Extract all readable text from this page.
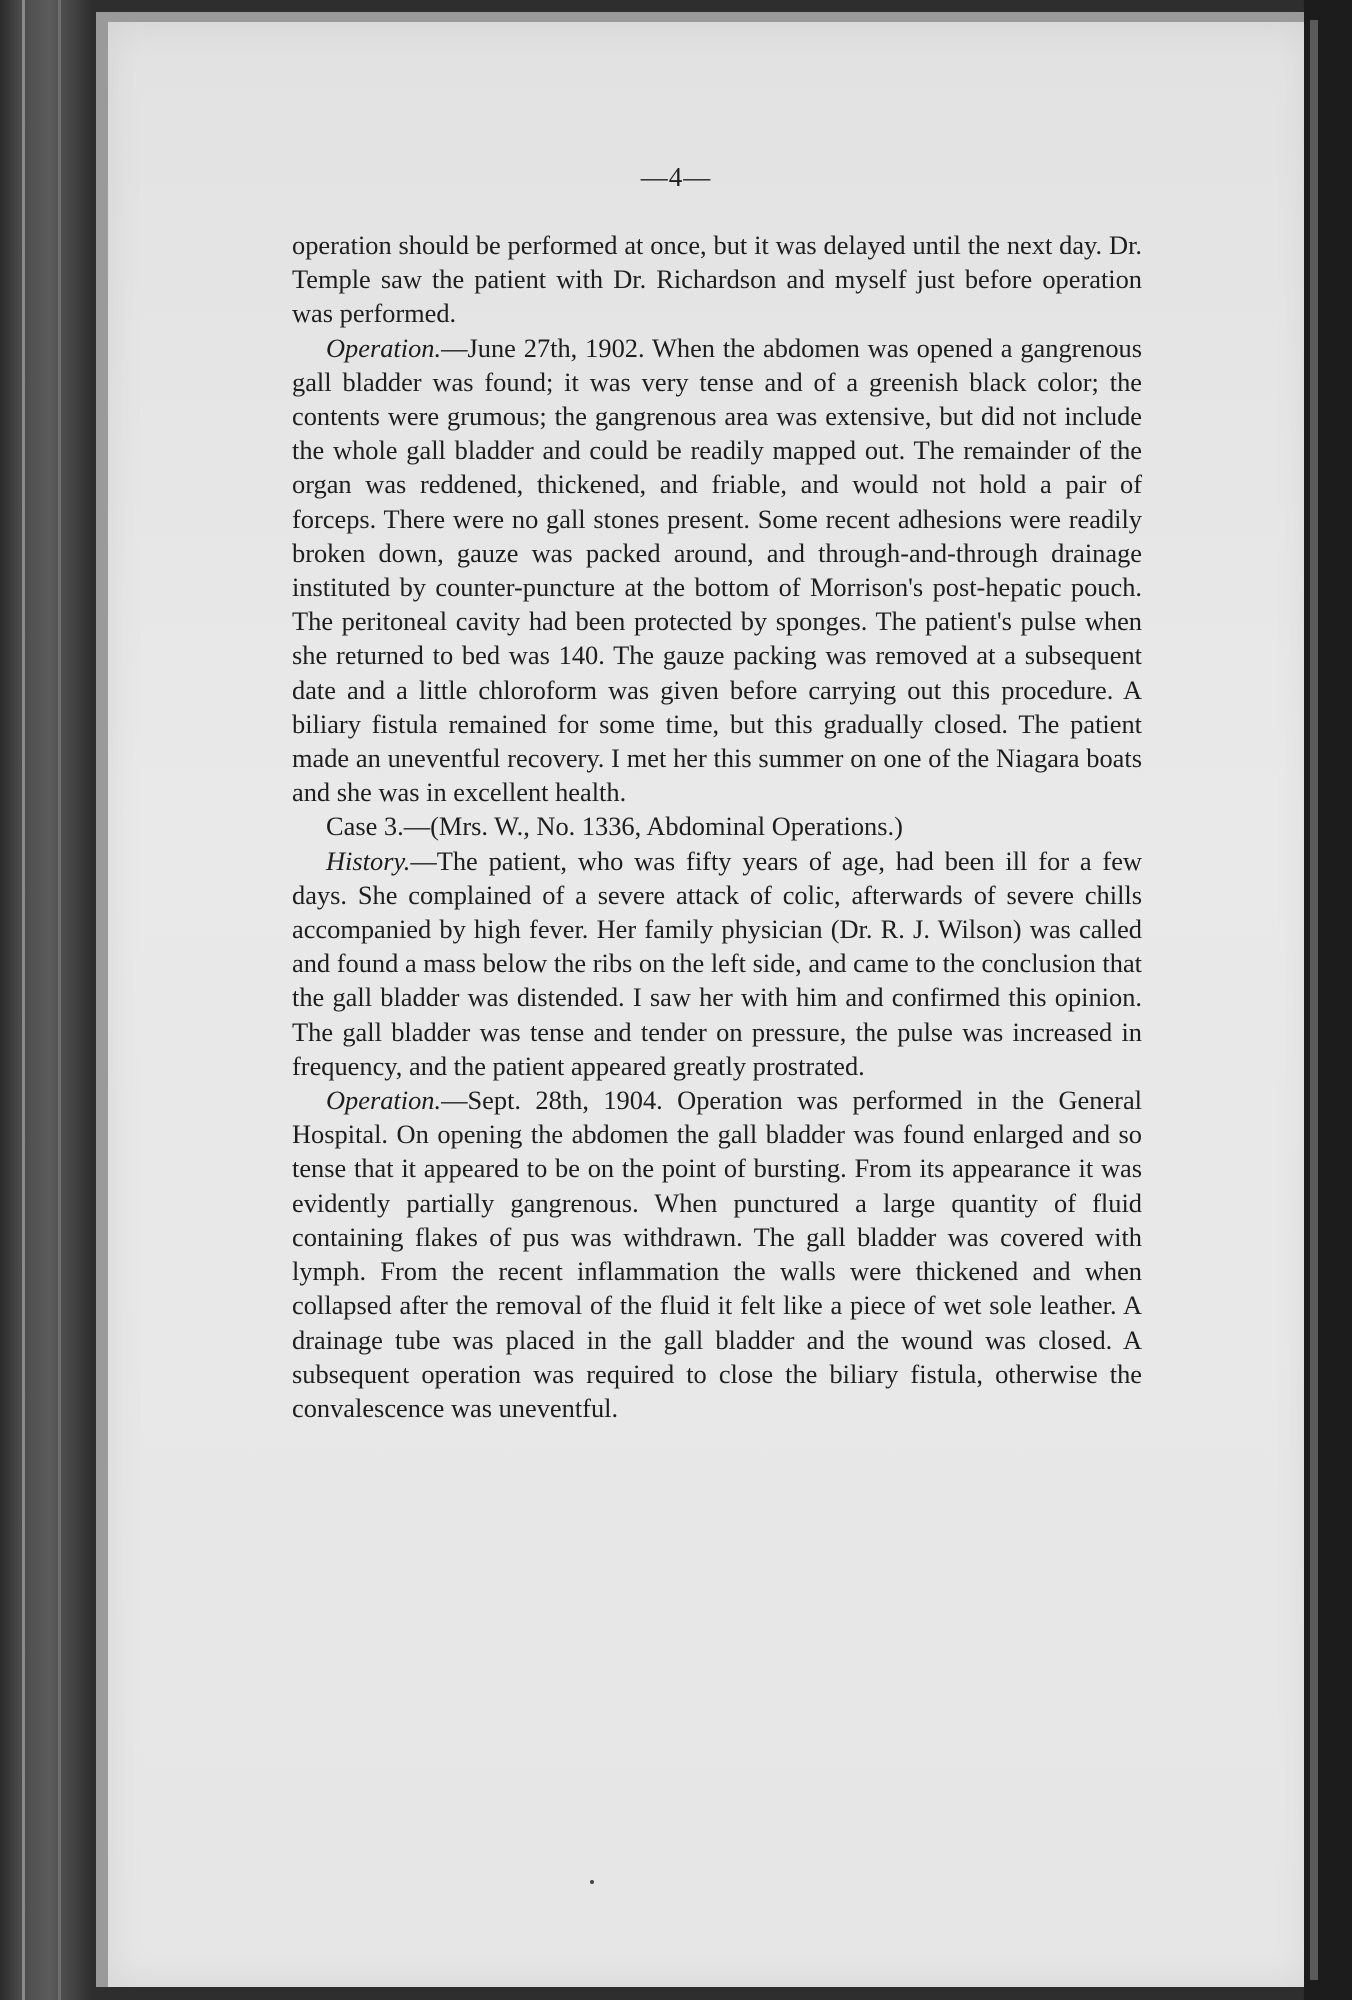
—4—

operation should be performed at once, but it was delayed until the next day. Dr. Temple saw the patient with Dr. Richardson and myself just before operation was performed.

Operation.—June 27th, 1902. When the abdomen was opened a gangrenous gall bladder was found; it was very tense and of a greenish black color; the contents were grumous; the gangrenous area was extensive, but did not include the whole gall bladder and could be readily mapped out. The remainder of the organ was reddened, thickened, and friable, and would not hold a pair of forceps. There were no gall stones present. Some recent adhesions were readily broken down, gauze was packed around, and through-and-through drainage instituted by counter-puncture at the bottom of Morrison's post-hepatic pouch. The peritoneal cavity had been protected by sponges. The patient's pulse when she returned to bed was 140. The gauze packing was removed at a subsequent date and a little chloroform was given before carrying out this procedure. A biliary fistula remained for some time, but this gradually closed. The patient made an uneventful recovery. I met her this summer on one of the Niagara boats and she was in excellent health.

Case 3.—(Mrs. W., No. 1336, Abdominal Operations.)

History.—The patient, who was fifty years of age, had been ill for a few days. She complained of a severe attack of colic, afterwards of severe chills accompanied by high fever. Her family physician (Dr. R. J. Wilson) was called and found a mass below the ribs on the left side, and came to the conclusion that the gall bladder was distended. I saw her with him and confirmed this opinion. The gall bladder was tense and tender on pressure, the pulse was increased in frequency, and the patient appeared greatly prostrated.

Operation.—Sept. 28th, 1904. Operation was performed in the General Hospital. On opening the abdomen the gall bladder was found enlarged and so tense that it appeared to be on the point of bursting. From its appearance it was evidently partially gangrenous. When punctured a large quantity of fluid containing flakes of pus was withdrawn. The gall bladder was covered with lymph. From the recent inflammation the walls were thickened and when collapsed after the removal of the fluid it felt like a piece of wet sole leather. A drainage tube was placed in the gall bladder and the wound was closed. A subsequent operation was required to close the biliary fistula, otherwise the convalescence was uneventful.
